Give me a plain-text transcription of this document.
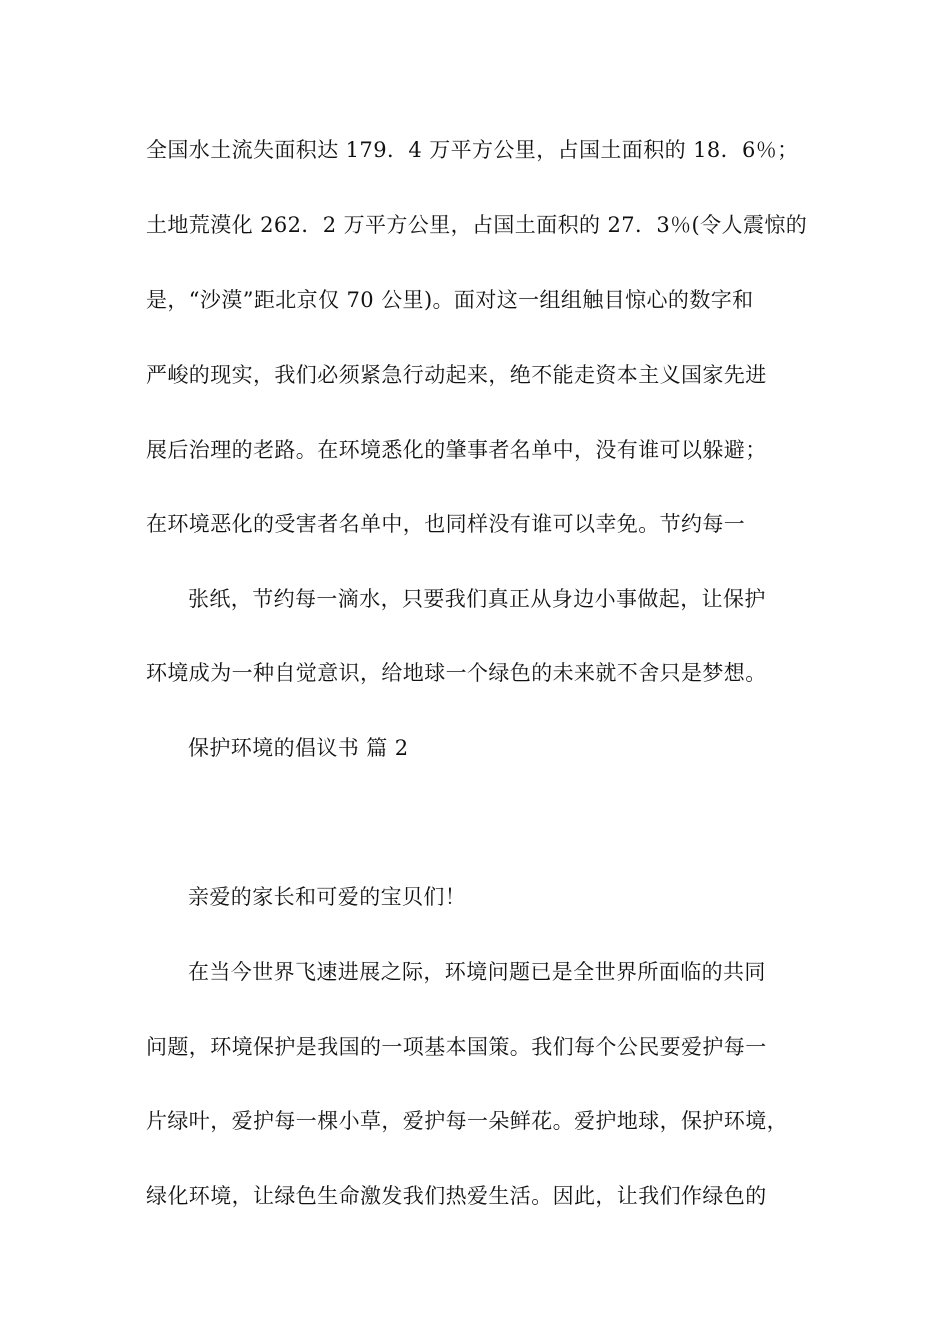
全国水土流失面积达 179．4 万平方公里，占国土面积的 18．6％；
土地荒漠化 262．2 万平方公里，占国土面积的 27．3％(令人震惊的
是，“沙漠”距北京仅 70 公里)。面对这一组组触目惊心的数字和
严峻的现实，我们必须紧急行动起来，绝不能走资本主义国家先进
展后治理的老路。在环境悉化的肇事者名单中，没有谁可以躲避；
在环境恶化的受害者名单中，也同样没有谁可以幸免。节约每一
张纸，节约每一滴水，只要我们真正从身边小事做起，让保护
环境成为一种自觉意识，给地球一个绿色的未来就不舍只是梦想。
保护环境的倡议书 篇 2
亲爱的家长和可爱的宝贝们！
在当今世界飞速进展之际，环境问题已是全世界所面临的共同
问题，环境保护是我国的一项基本国策。我们每个公民要爱护每一
片绿叶，爱护每一棵小草，爱护每一朵鲜花。爱护地球，保护环境，
绿化环境，让绿色生命激发我们热爱生活。因此，让我们作绿色的
